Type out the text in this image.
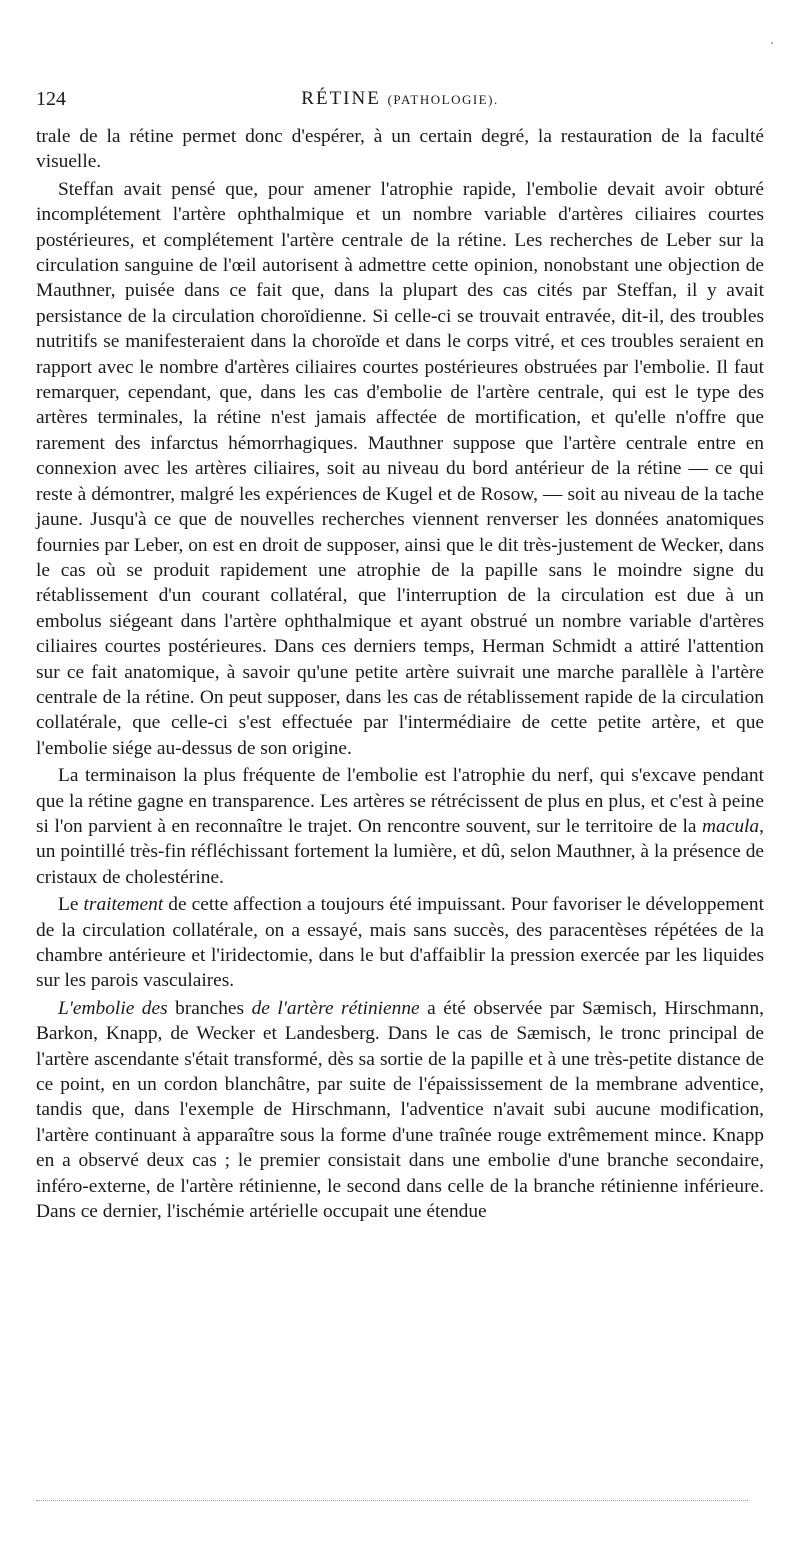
124	RÉTINE (PATHOLOGIE).

trale de la rétine permet donc d'espérer, à un certain degré, la restauration de la faculté visuelle.

Steffan avait pensé que, pour amener l'atrophie rapide, l'embolie devait avoir obturé incomplétement l'artère ophthalmique et un nombre variable d'artères ciliaires courtes postérieures, et complétement l'artère centrale de la rétine. Les recherches de Leber sur la circulation sanguine de l'œil autorisent à admettre cette opinion, nonobstant une objection de Mauthner, puisée dans ce fait que, dans la plupart des cas cités par Steffan, il y avait persistance de la circulation choroïdienne. Si celle-ci se trouvait entravée, dit-il, des troubles nutritifs se manifesteraient dans la choroïde et dans le corps vitré, et ces troubles seraient en rapport avec le nombre d'artères ciliaires courtes postérieures obstruées par l'embolie. Il faut remarquer, cependant, que, dans les cas d'embolie de l'artère centrale, qui est le type des artères terminales, la rétine n'est jamais affectée de mortification, et qu'elle n'offre que rarement des infarctus hémorrhagiques. Mauthner suppose que l'artère centrale entre en connexion avec les artères ciliaires, soit au niveau du bord antérieur de la rétine — ce qui reste à démontrer, malgré les expériences de Kugel et de Rosow, — soit au niveau de la tache jaune. Jusqu'à ce que de nouvelles recherches viennent renverser les données anatomiques fournies par Leber, on est en droit de supposer, ainsi que le dit très-justement de Wecker, dans le cas où se produit rapidement une atrophie de la papille sans le moindre signe du rétablissement d'un courant collatéral, que l'interruption de la circulation est due à un embolus siégeant dans l'artère ophthalmique et ayant obstrué un nombre variable d'artères ciliaires courtes postérieures. Dans ces derniers temps, Herman Schmidt a attiré l'attention sur ce fait anatomique, à savoir qu'une petite artère suivrait une marche parallèle à l'artère centrale de la rétine. On peut supposer, dans les cas de rétablissement rapide de la circulation collatérale, que celle-ci s'est effectuée par l'intermédiaire de cette petite artère, et que l'embolie siége au-dessus de son origine.

La terminaison la plus fréquente de l'embolie est l'atrophie du nerf, qui s'excave pendant que la rétine gagne en transparence. Les artères se rétrécissent de plus en plus, et c'est à peine si l'on parvient à en reconnaître le trajet. On rencontre souvent, sur le territoire de la macula, un pointillé très-fin réfléchissant fortement la lumière, et dû, selon Mauthner, à la présence de cristaux de cholestérine.

Le traitement de cette affection a toujours été impuissant. Pour favoriser le développement de la circulation collatérale, on a essayé, mais sans succès, des paracentèses répétées de la chambre antérieure et l'iridectomie, dans le but d'affaiblir la pression exercée par les liquides sur les parois vasculaires.

L'embolie des branches de l'artère rétinienne a été observée par Sæmisch, Hirschmann, Barkon, Knapp, de Wecker et Landesberg. Dans le cas de Sæmisch, le tronc principal de l'artère ascendante s'était transformé, dès sa sortie de la papille et à une très-petite distance de ce point, en un cordon blanchâtre, par suite de l'épaississement de la membrane adventice, tandis que, dans l'exemple de Hirschmann, l'adventice n'avait subi aucune modification, l'artère continuant à apparaître sous la forme d'une traînée rouge extrêmement mince. Knapp en a observé deux cas ; le premier consistait dans une embolie d'une branche secondaire, inféro-externe, de l'artère rétinienne, le second dans celle de la branche rétinienne inférieure. Dans ce dernier, l'ischémie artérielle occupait une étendue

·
